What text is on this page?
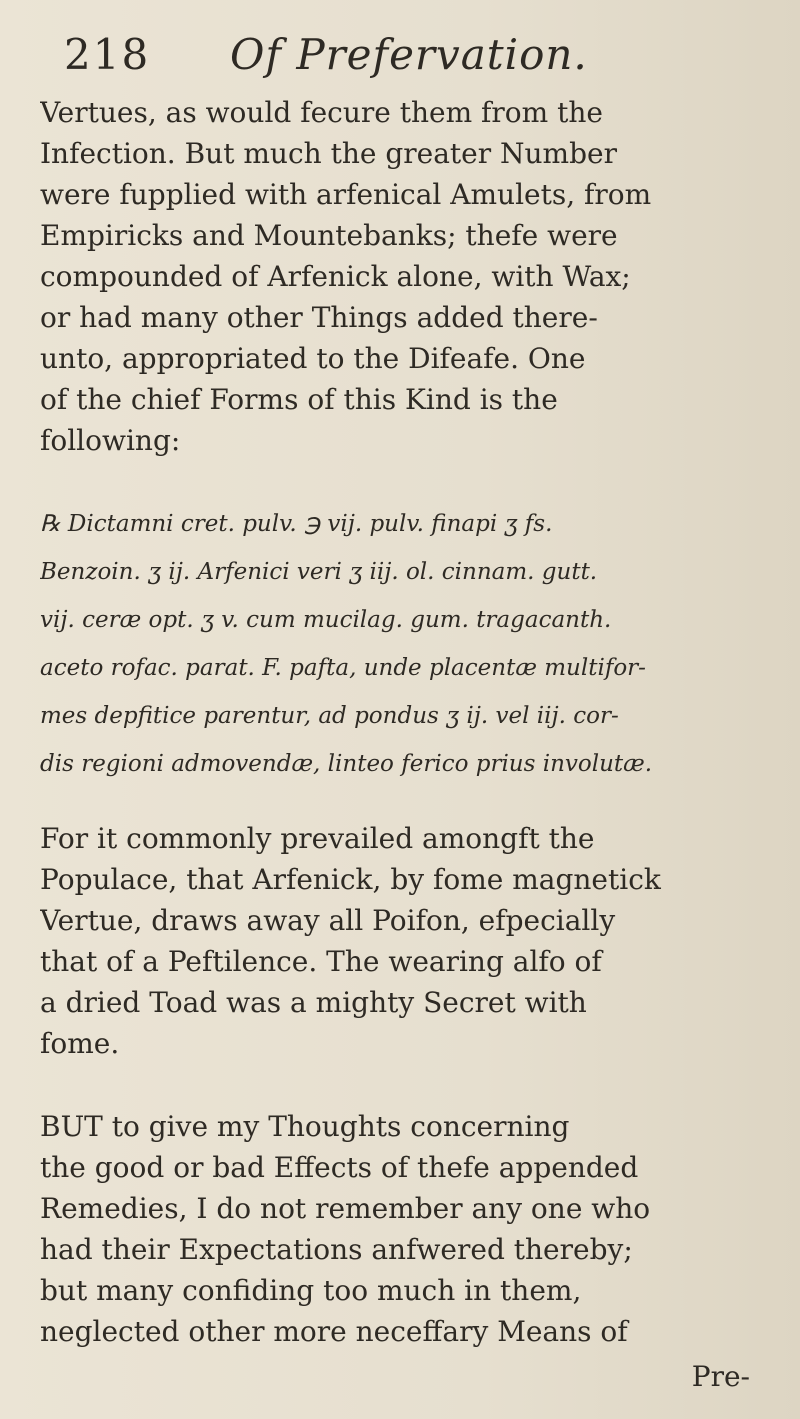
218 Of Prefervation.
Vertues, as would fecure them from the
Infection. But much the greater Number
were fupplied with arfenical Amulets, from
Empiricks and Mountebanks; thefe were
compounded of Arfenick alone, with Wax;
or had many other Things added there-
unto, appropriated to the Difeafe. One
of the chief Forms of this Kind is the
following:
℞ Dictamni cret. pulv. ℈ vij. pulv. finapi ʒ fs.
Benzoin. ʒ ij. Arfenici veri ʒ iij. ol. cinnam. gutt.
vij. ceræ opt. ʒ v. cum mucilag. gum. tragacanth.
aceto rofac. parat. F. pafta, unde placentæ multifor-
mes depfitice parentur, ad pondus ʒ ij. vel iij. cor-
dis regioni admovendæ, linteo ferico prius involutæ.
For it commonly prevailed amongft the
Populace, that Arfenick, by fome magnetick
Vertue, draws away all Poifon, efpecially
that of a Peftilence. The wearing alfo of
a dried Toad was a mighty Secret with
fome.
BUT to give my Thoughts concerning
the good or bad Effects of thefe appended
Remedies, I do not remember any one who
had their Expectations anfwered thereby;
but many confiding too much in them,
neglected other more neceffary Means of
Pre-
